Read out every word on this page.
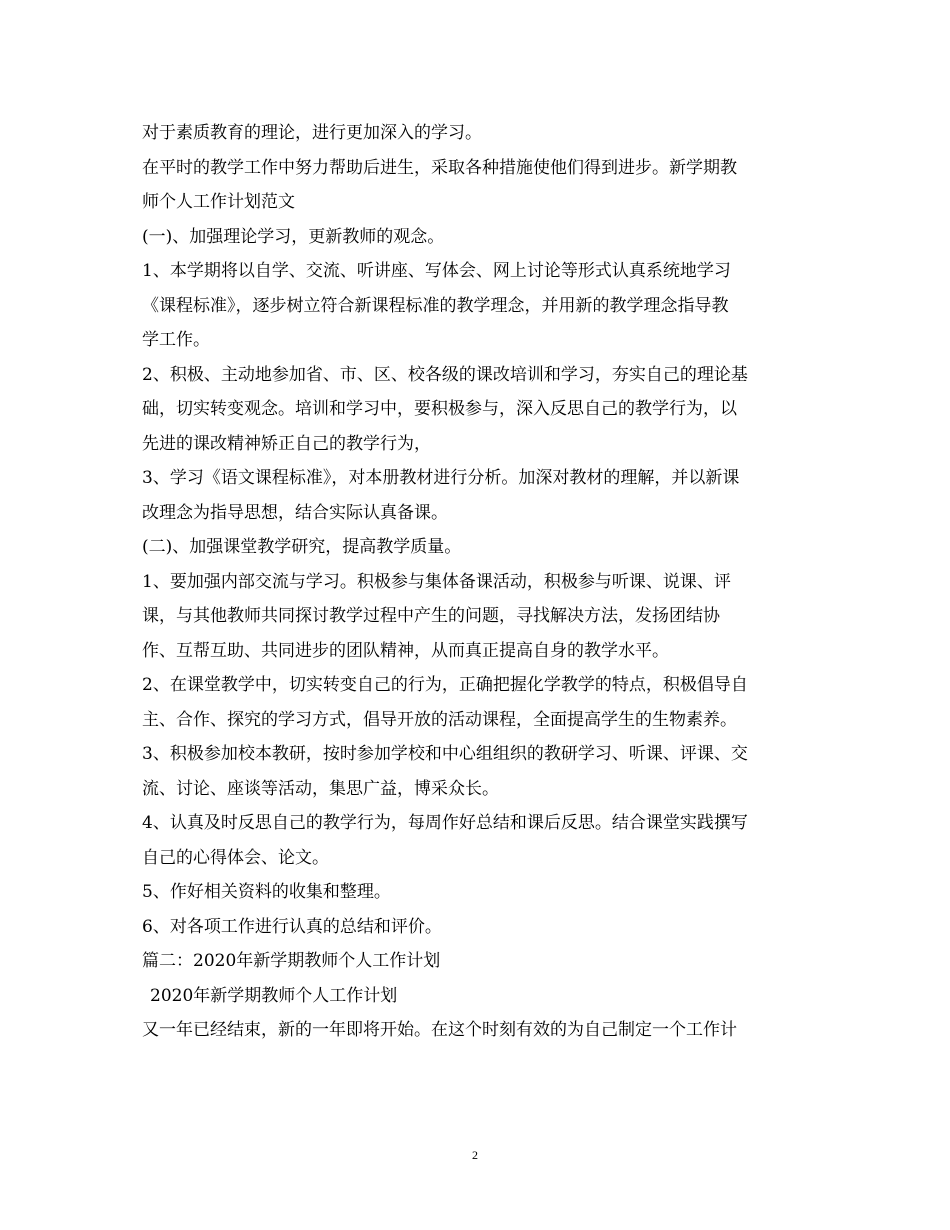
对于素质教育的理论，进行更加深入的学习。
在平时的教学工作中努力帮助后进生，采取各种措施使他们得到进步。新学期教
师个人工作计划范文
(一)、加强理论学习，更新教师的观念。
1、本学期将以自学、交流、听讲座、写体会、网上讨论等形式认真系统地学习
《课程标准》，逐步树立符合新课程标准的教学理念，并用新的教学理念指导教
学工作。
2、积极、主动地参加省、市、区、校各级的课改培训和学习，夯实自己的理论基
础，切实转变观念。培训和学习中，要积极参与，深入反思自己的教学行为，以
先进的课改精神矫正自己的教学行为，
3、学习《语文课程标准》，对本册教材进行分析。加深对教材的理解，并以新课
改理念为指导思想，结合实际认真备课。
(二)、加强课堂教学研究，提高教学质量。
1、要加强内部交流与学习。积极参与集体备课活动，积极参与听课、说课、评
课，与其他教师共同探讨教学过程中产生的问题，寻找解决方法，发扬团结协
作、互帮互助、共同进步的团队精神，从而真正提高自身的教学水平。
2、在课堂教学中，切实转变自己的行为，正确把握化学教学的特点，积极倡导自
主、合作、探究的学习方式，倡导开放的活动课程，全面提高学生的生物素养。
3、积极参加校本教研，按时参加学校和中心组组织的教研学习、听课、评课、交
流、讨论、座谈等活动，集思广益，博采众长。
4、认真及时反思自己的教学行为，每周作好总结和课后反思。结合课堂实践撰写
自己的心得体会、论文。
5、作好相关资料的收集和整理。
6、对各项工作进行认真的总结和评价。
篇二：2020年新学期教师个人工作计划
2020年新学期教师个人工作计划
又一年已经结束，新的一年即将开始。在这个时刻有效的为自己制定一个工作计
2
